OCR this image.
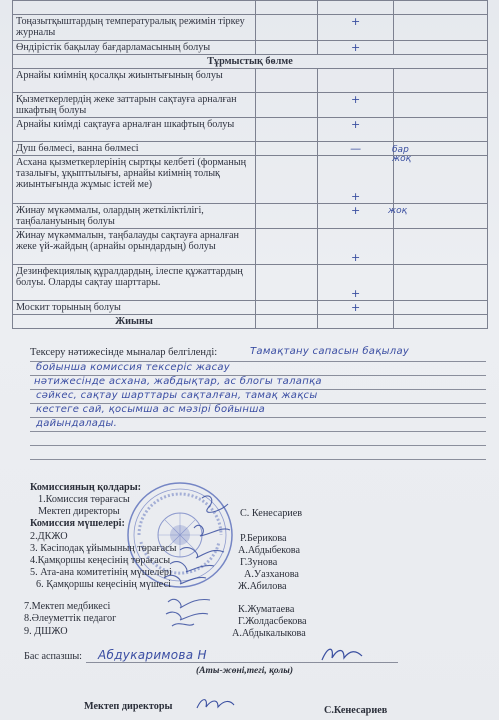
Тоңазытқыштардың температуралық режимін тіркеу журналы		+	

Өндірістік бақылау бағдарламасының болуы		+	

Тұрмыстық бөлме			
Арнайы киімнің қосалқы жиынтығының болуы			
Қызметкерлердің жеке заттарын сақтауға арналған шкафтың болуы		+	

Арнайы киімді сақтауға арналған шкафтың болуы		+	

Душ бөлмесі, ванна бөлмесі		—	

Асхана қызметкерлерінің сыртқы келбеті (форманың тазалығы, ұқыптылығы, арнайы киімнің толық жиынтығында жұмыс істей ме)		+	

Жинау мүкәммалы, олардың жеткіліктілігі, таңбалануының болуы		+	

Жинау мүкәммалын, таңбалауды сақтауға арналған жеке үй-жайдың (арнайы орындардың) болуы		+	

Дезинфекциялық құралдардың, ілеспе құжаттардың болуы. Оларды сақтау шарттары.		+	

Москит торының болуы		+	

Жиыны			
бар жоқ
жоқ
Тексеру нәтижесінде мыналар белгіленді:	Тамақтану сапасын бақылау
бойынша комиссия тексеріс жасау
нәтижесінде асхана, жабдықтар, ас блогы талапқа
сәйкес, сақтау шарттары сақталған, тамақ жақсы
кестеге сай, қосымша ас мәзірі бойынша
дайындалады.
Комиссияның қолдары:
1.Комиссия төрағасы
Мектеп директоры	С. Кенесариев
Комиссия мүшелері:
2.ДКЖО	Р.Берикова
3. Кәсіподақ ұйымының төрағасы	А.Абдыбекова
4.Қамқоршы кеңесінің төрағасы	Г.Зунова
5. Ата-ана комитетінің мүшелері	А.Уазханова
6. Қамқоршы кеңесінің мүшесі	Ж.Абилова
7.Мектеп медбикесі	К.Жуматаева
8.Әлеуметтік педагог	Г.Жолдасбекова
9. ДШЖО	А.Абдыкалыкова
Бас аспазшы: Абдукаримова Н
(Аты-жөні,тегі, қолы)
Мектеп директоры	С.Кенесариев
